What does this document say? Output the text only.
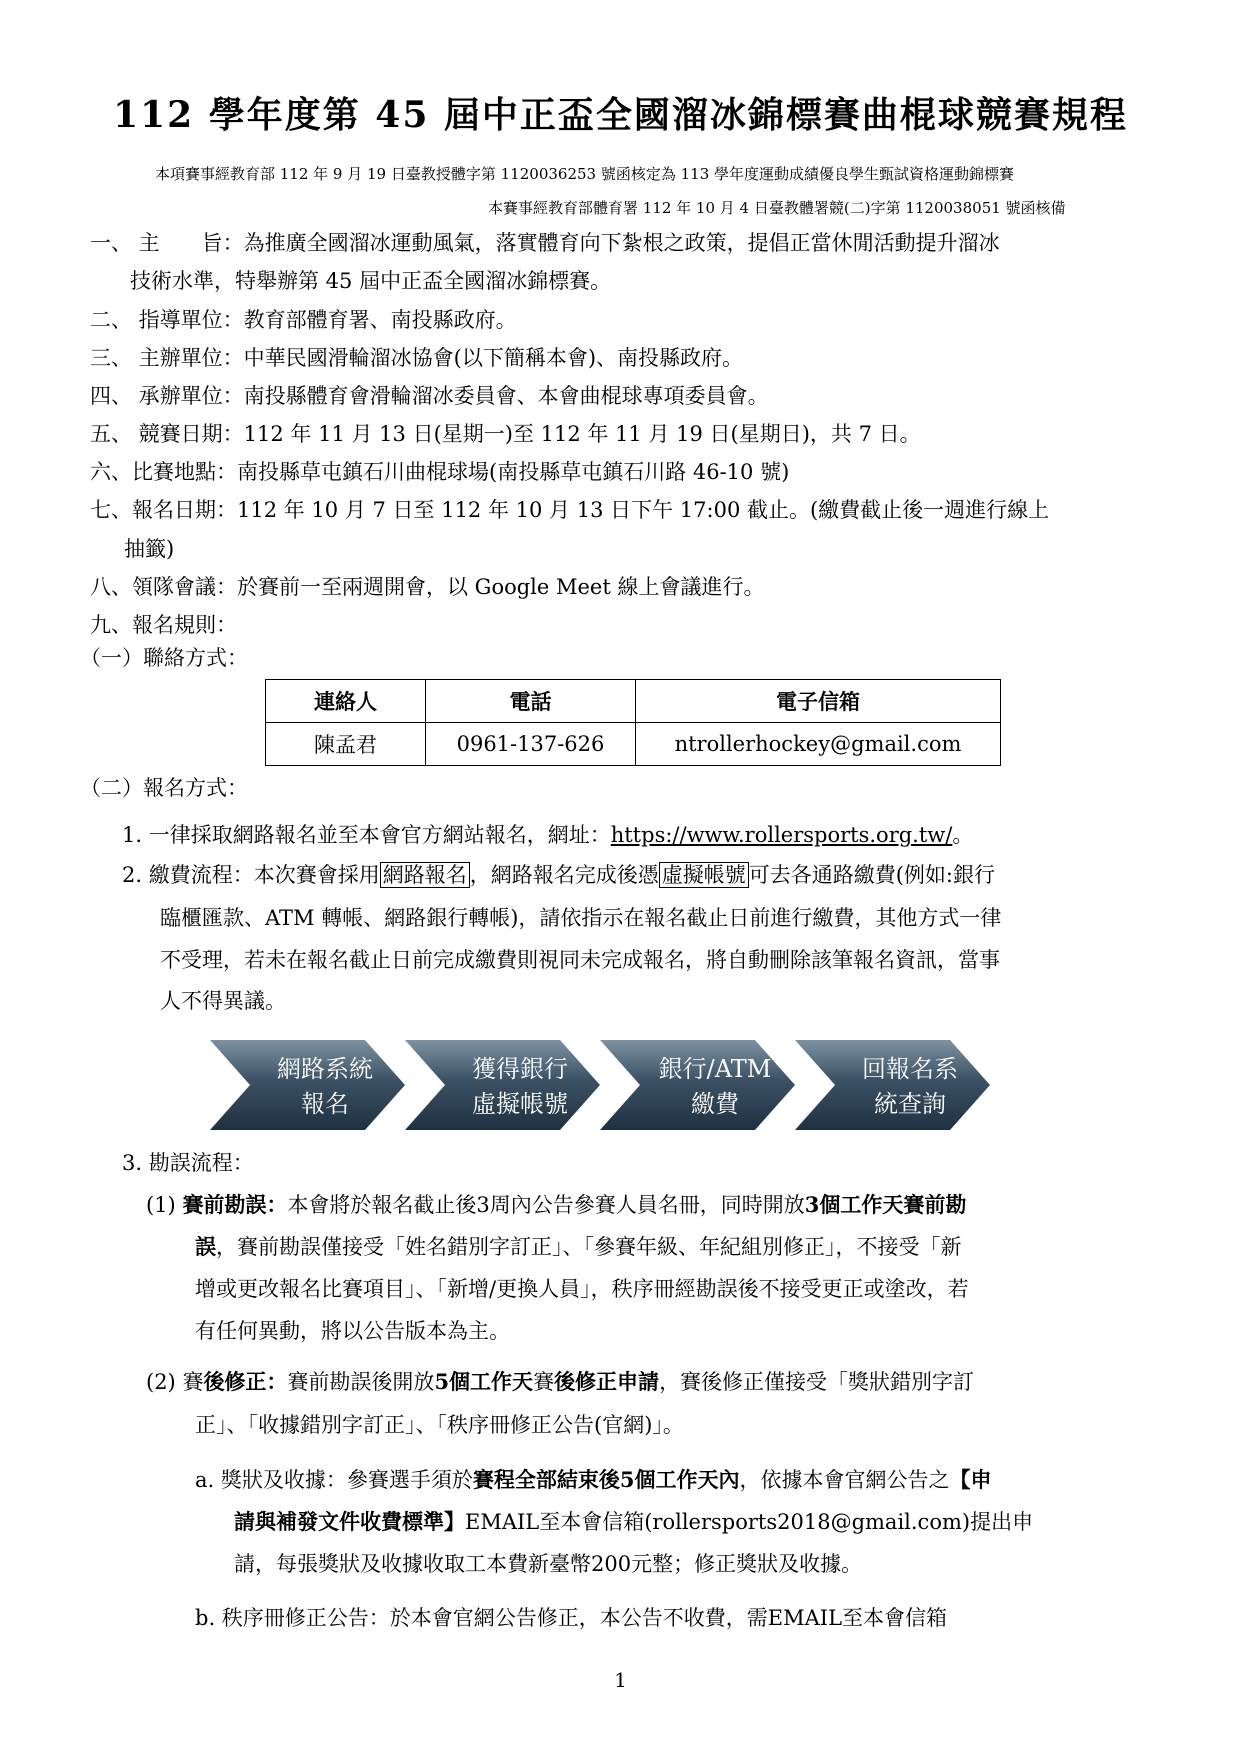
112 學年度第 45 屆中正盃全國溜冰錦標賽曲棍球競賽規程
本項賽事經教育部 112 年 9 月 19 日臺教授體字第 1120036253 號函核定為 113 學年度運動成績優良學生甄試資格運動錦標賽
本賽事經教育部體育署 112 年 10 月 4 日臺教體署競(二)字第 1120038051 號函核備
一、 主　　旨：為推廣全國溜冰運動風氣，落實體育向下紮根之政策，提倡正當休閒活動提升溜冰
技術水準，特舉辦第 45 屆中正盃全國溜冰錦標賽。
二、 指導單位：教育部體育署、南投縣政府。
三、 主辦單位：中華民國滑輪溜冰協會(以下簡稱本會)、南投縣政府。
四、 承辦單位：南投縣體育會滑輪溜冰委員會、本會曲棍球專項委員會。
五、 競賽日期：112 年 11 月 13 日(星期一)至 112 年 11 月 19 日(星期日)，共 7 日。
六、比賽地點：南投縣草屯鎮石川曲棍球場(南投縣草屯鎮石川路 46-10 號)
七、報名日期：112 年 10 月 7 日至 112 年 10 月 13 日下午 17:00 截止。(繳費截止後一週進行線上
抽籤)
八、領隊會議：於賽前一至兩週開會，以 Google Meet 線上會議進行。
九、報名規則：
（一）聯絡方式：
連絡人	電話	電子信箱
陳孟君	0961-137-626	ntrollerhockey@gmail.com
（二）報名方式：
1. 一律採取網路報名並至本會官方網站報名，網址：https://www.rollersports.org.tw/。
2. 繳費流程：本次賽會採用 網路報名 ，網路報名完成後憑 虛擬帳號 可去各通路繳費(例如:銀行
臨櫃匯款、ATM 轉帳、網路銀行轉帳)，請依指示在報名截止日前進行繳費，其他方式一律
不受理，若未在報名截止日前完成繳費則視同未完成報名，將自動刪除該筆報名資訊，當事
人不得異議。
網路系統
報名
獲得銀行
虛擬帳號
銀行/ATM
繳費
回報名系
統查詢
3. 勘誤流程：
(1) 賽前勘誤：本會將於報名截止後3周內公告參賽人員名冊，同時開放3個工作天賽前勘
誤，賽前勘誤僅接受「姓名錯別字訂正」、「參賽年級、年紀組別修正」，不接受「新
增或更改報名比賽項目」、「新增/更換人員」，秩序冊經勘誤後不接受更正或塗改，若
有任何異動，將以公告版本為主。
(2) 賽後修正：賽前勘誤後開放5個工作天賽後修正申請，賽後修正僅接受「獎狀錯別字訂
正」、「收據錯別字訂正」、「秩序冊修正公告(官網)」。
a. 獎狀及收據：參賽選手須於賽程全部結束後5個工作天內，依據本會官網公告之【申
請與補發文件收費標準】EMAIL至本會信箱(rollersports2018@gmail.com)提出申
請，每張獎狀及收據收取工本費新臺幣200元整；修正獎狀及收據。
b. 秩序冊修正公告：於本會官網公告修正，本公告不收費，需EMAIL至本會信箱
1
